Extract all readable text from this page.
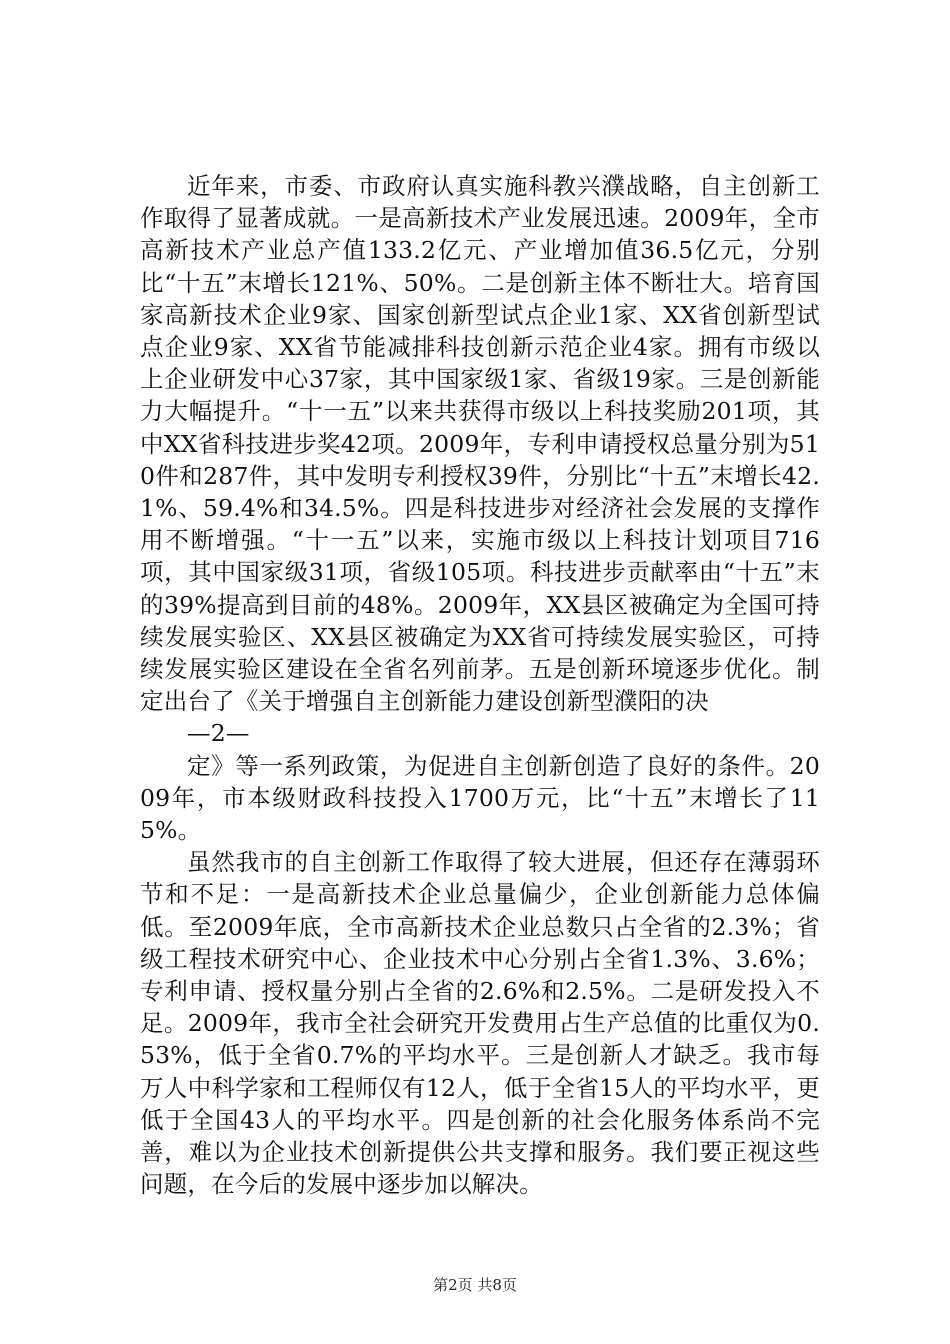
近年来，市委、市政府认真实施科教兴濮战略，自主创新工作取得了显著成就。一是高新技术产业发展迅速。2009年，全市高新技术产业总产值133.2亿元、产业增加值36.5亿元，分别比“十五”末增长121%、50%。二是创新主体不断壮大。培育国家高新技术企业9家、国家创新型试点企业1家、XX省创新型试点企业9家、XX省节能减排科技创新示范企业4家。拥有市级以上企业研发中心37家，其中国家级1家、省级19家。三是创新能力大幅提升。“十一五”以来共获得市级以上科技奖励201项，其中XX省科技进步奖42项。2009年，专利申请授权总量分别为510件和287件，其中发明专利授权39件，分别比“十五”末增长42.1%、59.4%和34.5%。四是科技进步对经济社会发展的支撑作用不断增强。“十一五”以来，实施市级以上科技计划项目716项，其中国家级31项，省级105项。科技进步贡献率由“十五”末的39%提高到目前的48%。2009年，XX县区被确定为全国可持续发展实验区、XX县区被确定为XX省可持续发展实验区，可持续发展实验区建设在全省名列前茅。五是创新环境逐步优化。制定出台了《关于增强自主创新能力建设创新型濮阳的决

—2—

定》等一系列政策，为促进自主创新创造了良好的条件。2009年，市本级财政科技投入1700万元，比“十五”末增长了115%。

虽然我市的自主创新工作取得了较大进展，但还存在薄弱环节和不足：一是高新技术企业总量偏少，企业创新能力总体偏低。至2009年底，全市高新技术企业总数只占全省的2.3%；省级工程技术研究中心、企业技术中心分别占全省1.3%、3.6%；专利申请、授权量分别占全省的2.6%和2.5%。二是研发投入不足。2009年，我市全社会研究开发费用占生产总值的比重仅为0.53%，低于全省0.7%的平均水平。三是创新人才缺乏。我市每万人中科学家和工程师仅有12人，低于全省15人的平均水平，更低于全国43人的平均水平。四是创新的社会化服务体系尚不完善，难以为企业技术创新提供公共支撑和服务。我们要正视这些问题，在今后的发展中逐步加以解决。

第2页 共8页
